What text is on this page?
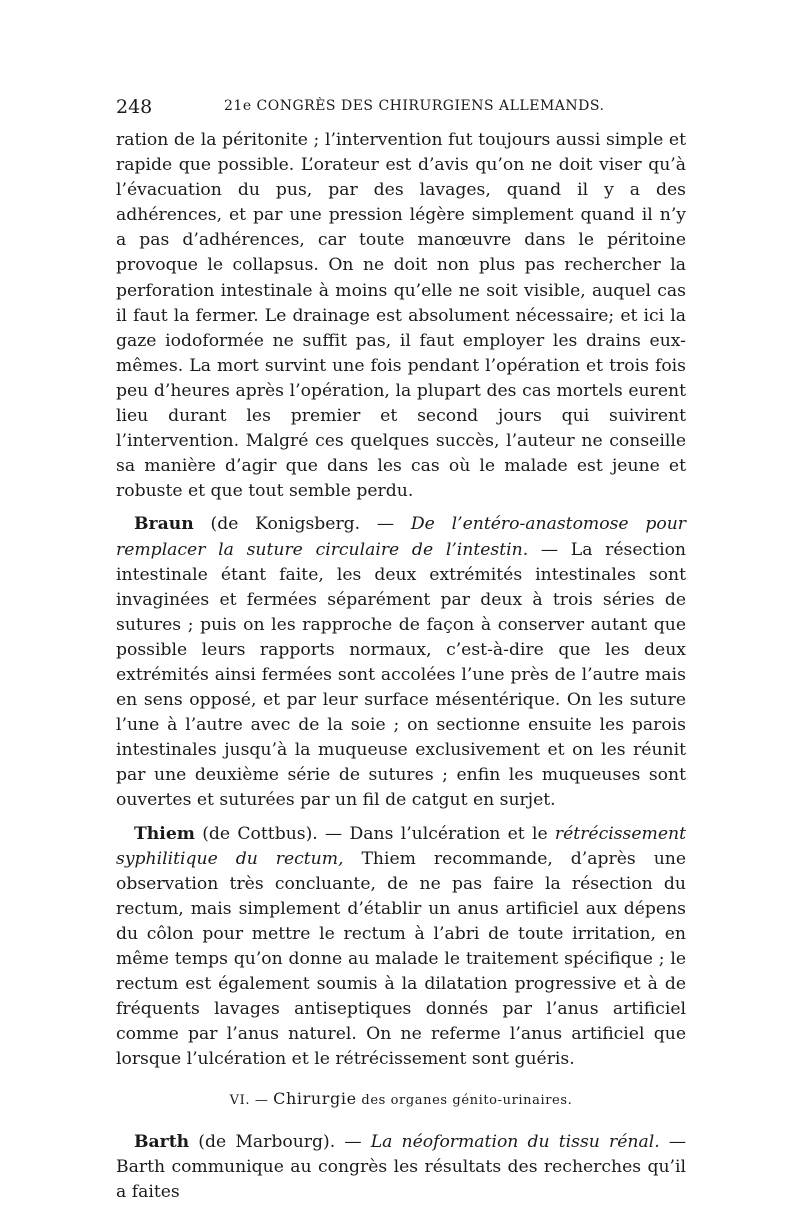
248	21e CONGRÈS DES CHIRURGIENS ALLEMANDS.

ration de la péritonite ; l’intervention fut toujours aussi simple et rapide que possible. L’orateur est d’avis qu’on ne doit viser qu’à l’évacuation du pus, par des lavages, quand il y a des adhérences, et par une pression légère simplement quand il n’y a pas d’adhérences, car toute manœuvre dans le péritoine provoque le collapsus. On ne doit non plus pas rechercher la perforation intestinale à moins qu’elle ne soit visible, auquel cas il faut la fermer. Le drainage est absolument nécessaire; et ici la gaze iodoformée ne suffit pas, il faut employer les drains eux-mêmes. La mort survint une fois pendant l’opération et trois fois peu d’heures après l’opération, la plupart des cas mortels eurent lieu durant les premier et second jours qui suivirent l’intervention. Malgré ces quelques succès, l’auteur ne conseille sa manière d’agir que dans les cas où le malade est jeune et robuste et que tout semble perdu.

Braun (de Konigsberg. — De l’entéro-anastomose pour remplacer la suture circulaire de l’intestin. — La résection intestinale étant faite, les deux extrémités intestinales sont invaginées et fermées séparément par deux à trois séries de sutures ; puis on les rapproche de façon à conserver autant que possible leurs rapports normaux, c’est-à-dire que les deux extrémités ainsi fermées sont accolées l’une près de l’autre mais en sens opposé, et par leur surface mésentérique. On les suture l’une à l’autre avec de la soie ; on sectionne ensuite les parois intestinales jusqu’à la muqueuse exclusivement et on les réunit par une deuxième série de sutures ; enfin les muqueuses sont ouvertes et suturées par un fil de catgut en surjet.

Thiem (de Cottbus). — Dans l’ulcération et le rétrécissement syphilitique du rectum, Thiem recommande, d’après une observation très concluante, de ne pas faire la résection du rectum, mais simplement d’établir un anus artificiel aux dépens du côlon pour mettre le rectum à l’abri de toute irritation, en même temps qu’on donne au malade le traitement spécifique ; le rectum est également soumis à la dilatation progressive et à de fréquents lavages antiseptiques donnés par l’anus artificiel comme par l’anus naturel. On ne referme l’anus artificiel que lorsque l’ulcération et le rétrécissement sont guéris.

VI. — Chirurgie des organes génito-urinaires.

Barth (de Marbourg). — La néoformation du tissu rénal. — Barth communique au congrès les résultats des recherches qu’il a faites
